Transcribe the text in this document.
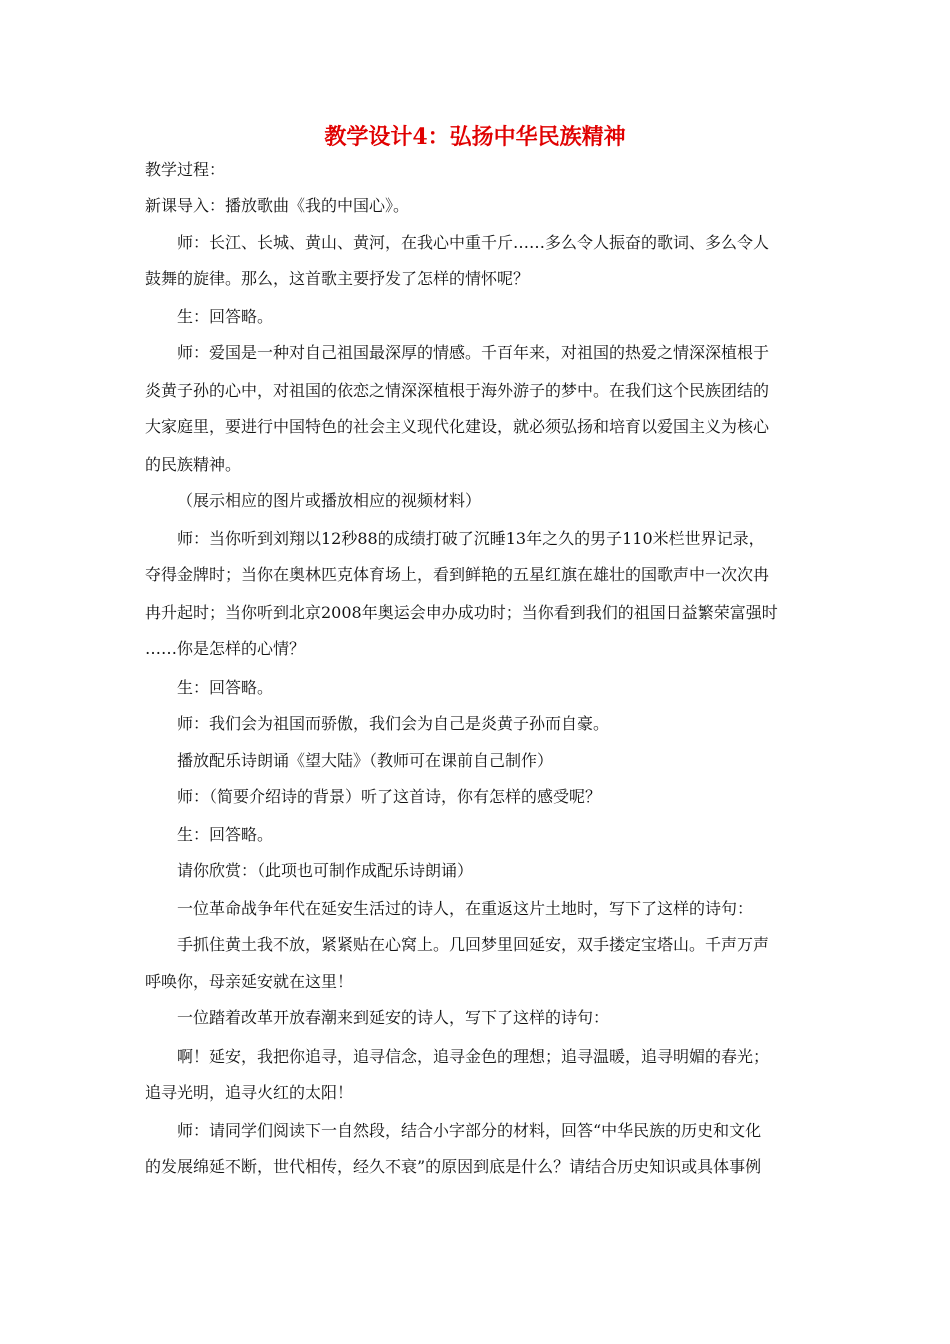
教学设计4：弘扬中华民族精神

教学过程：

新课导入：播放歌曲《我的中国心》。

师：长江、长城、黄山、黄河，在我心中重千斤……多么令人振奋的歌词、多么令人

鼓舞的旋律。那么，这首歌主要抒发了怎样的情怀呢？

生：回答略。

师：爱国是一种对自己祖国最深厚的情感。千百年来，对祖国的热爱之情深深植根于

炎黄子孙的心中，对祖国的依恋之情深深植根于海外游子的梦中。在我们这个民族团结的

大家庭里，要进行中国特色的社会主义现代化建设，就必须弘扬和培育以爱国主义为核心

的民族精神。

（展示相应的图片或播放相应的视频材料）

师：当你听到刘翔以12秒88的成绩打破了沉睡13年之久的男子110米栏世界记录，

夺得金牌时；当你在奥林匹克体育场上，看到鲜艳的五星红旗在雄壮的国歌声中一次次冉

冉升起时；当你听到北京2008年奥运会申办成功时；当你看到我们的祖国日益繁荣富强时

……你是怎样的心情？

生：回答略。

师：我们会为祖国而骄傲，我们会为自己是炎黄子孙而自豪。

播放配乐诗朗诵《望大陆》（教师可在课前自己制作）

师：（简要介绍诗的背景）听了这首诗，你有怎样的感受呢？

生：回答略。

请你欣赏：（此项也可制作成配乐诗朗诵）

一位革命战争年代在延安生活过的诗人，在重返这片土地时，写下了这样的诗句：

手抓住黄土我不放，紧紧贴在心窝上。几回梦里回延安，双手搂定宝塔山。千声万声

呼唤你，母亲延安就在这里！

一位踏着改革开放春潮来到延安的诗人，写下了这样的诗句：

啊！延安，我把你追寻，追寻信念，追寻金色的理想；追寻温暖，追寻明媚的春光；

追寻光明，追寻火红的太阳！

师：请同学们阅读下一自然段，结合小字部分的材料，回答“中华民族的历史和文化

的发展绵延不断，世代相传，经久不衰”的原因到底是什么？请结合历史知识或具体事例
